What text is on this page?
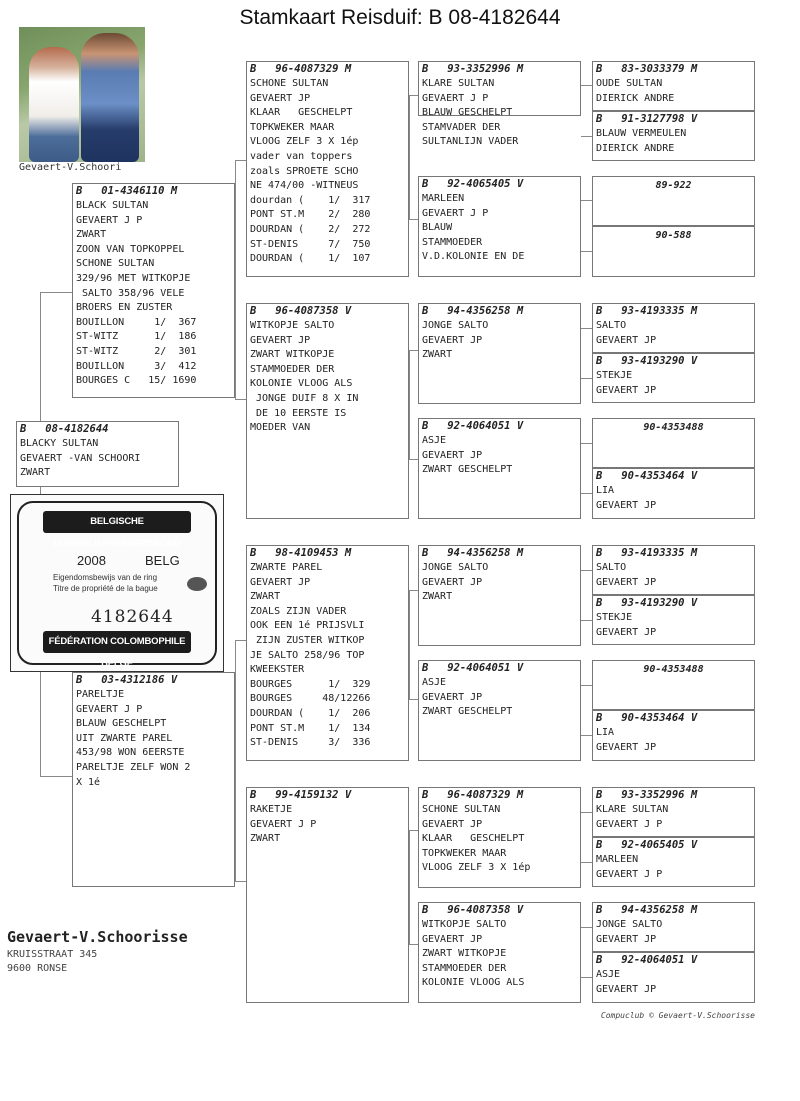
Stamkaart Reisduif: B 08-4182644
Gevaert-V.Schoori
B   08-4182644
BLACKY SULTAN
GEVAERT -VAN SCHOORI
ZWART
B   01-4346110 M
BLACK SULTAN
GEVAERT J P
ZWART
ZOON VAN TOPKOPPEL
SCHONE SULTAN
329/96 MET WITKOPJE
SALTO 358/96 VELE
BROERS EN ZUSTER
BOUILLON     1/  367
ST-WITZ      1/  186
ST-WITZ      2/  301
BOUILLON     3/  412
BOURGES C   15/ 1690
B   03-4312186 V
PARELTJE
GEVAERT J P
BLAUW GESCHELPT
UIT ZWARTE PAREL
453/98 WON 6EERSTE
PARELTJE ZELF WON 2
X 1é
B   96-4087329 M
SCHONE SULTAN
GEVAERT JP
KLAAR   GESCHELPT
TOPKWEKER MAAR
VLOOG ZELF 3 X 1ép
vader van toppers
zoals SPROETE SCHO
NE 474/00 -WITNEUS
dourdan (    1/  317
PONT ST.M    2/  280
DOURDAN (    2/  272
ST-DENIS     7/  750
DOURDAN (    1/  107
B   96-4087358 V
WITKOPJE SALTO
GEVAERT JP
ZWART WITKOPJE
STAMMOEDER DER
KOLONIE VLOOG ALS
JONGE DUIF 8 X IN
DE 10 EERSTE IS
MOEDER VAN
B   98-4109453 M
ZWARTE PAREL
GEVAERT JP
ZWART
ZOALS ZIJN VADER
OOK EEN 1é PRIJSVLI
ZIJN ZUSTER WITKOP
JE SALTO 258/96 TOP
KWEEKSTER
BOURGES      1/  329
BOURGES     48/12266
DOURDAN (    1/  206
PONT ST.M    1/  134
ST-DENIS     3/  336
B   99-4159132 V
RAKETJE
GEVAERT J P
ZWART
B   93-3352996 M
KLARE SULTAN
GEVAERT J P
BLAUW GESCHELPT
STAMVADER DER
SULTANLIJN VADER
B   92-4065405 V
MARLEEN
GEVAERT J P
BLAUW
STAMMOEDER
V.D.KOLONIE EN DE
B   94-4356258 M
JONGE SALTO
GEVAERT JP
ZWART
B   92-4064051 V
ASJE
GEVAERT JP
ZWART GESCHELPT
B   94-4356258 M
JONGE SALTO
GEVAERT JP
ZWART
B   92-4064051 V
ASJE
GEVAERT JP
ZWART GESCHELPT
B   96-4087329 M
SCHONE SULTAN
GEVAERT JP
KLAAR   GESCHELPT
TOPKWEKER MAAR
VLOOG ZELF 3 X 1ép
B   96-4087358 V
WITKOPJE SALTO
GEVAERT JP
ZWART WITKOPJE
STAMMOEDER DER
KOLONIE VLOOG ALS
B   83-3033379 M
OUDE SULTAN
DIERICK ANDRE
B   91-3127798 V
BLAUW VERMEULEN
DIERICK ANDRE
89-922
90-588
B   93-4193335 M
SALTO
GEVAERT JP
B   93-4193290 V
STEKJE
GEVAERT JP
90-4353488
B   90-4353464 V
LIA
GEVAERT JP
B   93-4193335 M
SALTO
GEVAERT JP
B   93-4193290 V
STEKJE
GEVAERT JP
90-4353488
B   90-4353464 V
LIA
GEVAERT JP
B   93-3352996 M
KLARE SULTAN
GEVAERT J P
B   92-4065405 V
MARLEEN
GEVAERT J P
B   94-4356258 M
JONGE SALTO
GEVAERT JP
B   92-4064051 V
ASJE
GEVAERT JP
BELGISCHE DUIVENLIEFHEBBERSBOND
2008	BELG
Eigendomsbewijs van de ring
Titre de propriété de la bague
4182644
FÉDÉRATION COLOMBOPHILE BELGE
Gevaert-V.Schoorisse
KRUISSTRAAT 345
9600 RONSE
Compuclub © Gevaert-V.Schoorisse
